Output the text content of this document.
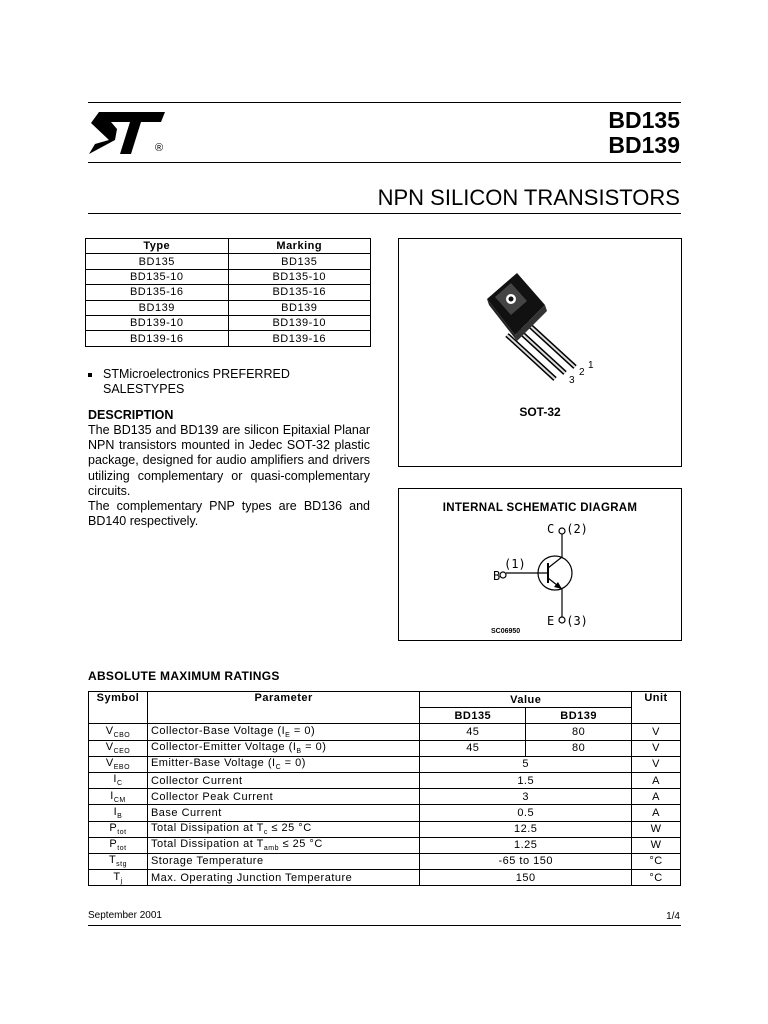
®
BD135
BD139
NPN SILICON TRANSISTORS
Type	Marking
BD135	BD135
BD135-10	BD135-10
BD135-16	BD135-16
BD139	BD139
BD139-10	BD139-10
BD139-16	BD139-16
STMicroelectronics PREFERRED SALESTYPES
DESCRIPTION

The BD135 and BD139 are silicon Epitaxial Planar NPN transistors mounted in Jedec SOT-32 plastic package, designed for audio amplifiers and drivers utilizing complementary or quasi-complementary circuits.

The complementary PNP types are BD136 and BD140 respectively.

1
2
3
SOT-32
INTERNAL SCHEMATIC DIAGRAM
C (2)
(1)
B
E (3)
SC06950
ABSOLUTE MAXIMUM RATINGS
Symbol	Parameter	Value		Unit
		BD135	BD139	
$V_{CBO}$	Collector-Base Voltage $(I_E = 0)$	45	80	V
$V_{CEO}$	Collector-Emitter Voltage $(I_B = 0)$	45	80	V
$V_{EBO}$	Emitter-Base Voltage $(I_C = 0)$	5		V
$I_C$	Collector Current	1.5		A
$I_{CM}$	Collector Peak Current	3		A
$I_B$	Base Current	0.5		A
$P_{tot}$	Total Dissipation at $T_c \le 25$ °C	12.5		W
$P_{tot}$	Total Dissipation at $T_{amb} \le 25$ °C	1.25		W
$T_{stg}$	Storage Temperature	-65 to 150		°C
$T_j$	Max. Operating Junction Temperature	150		°C
September 2001	1/4
